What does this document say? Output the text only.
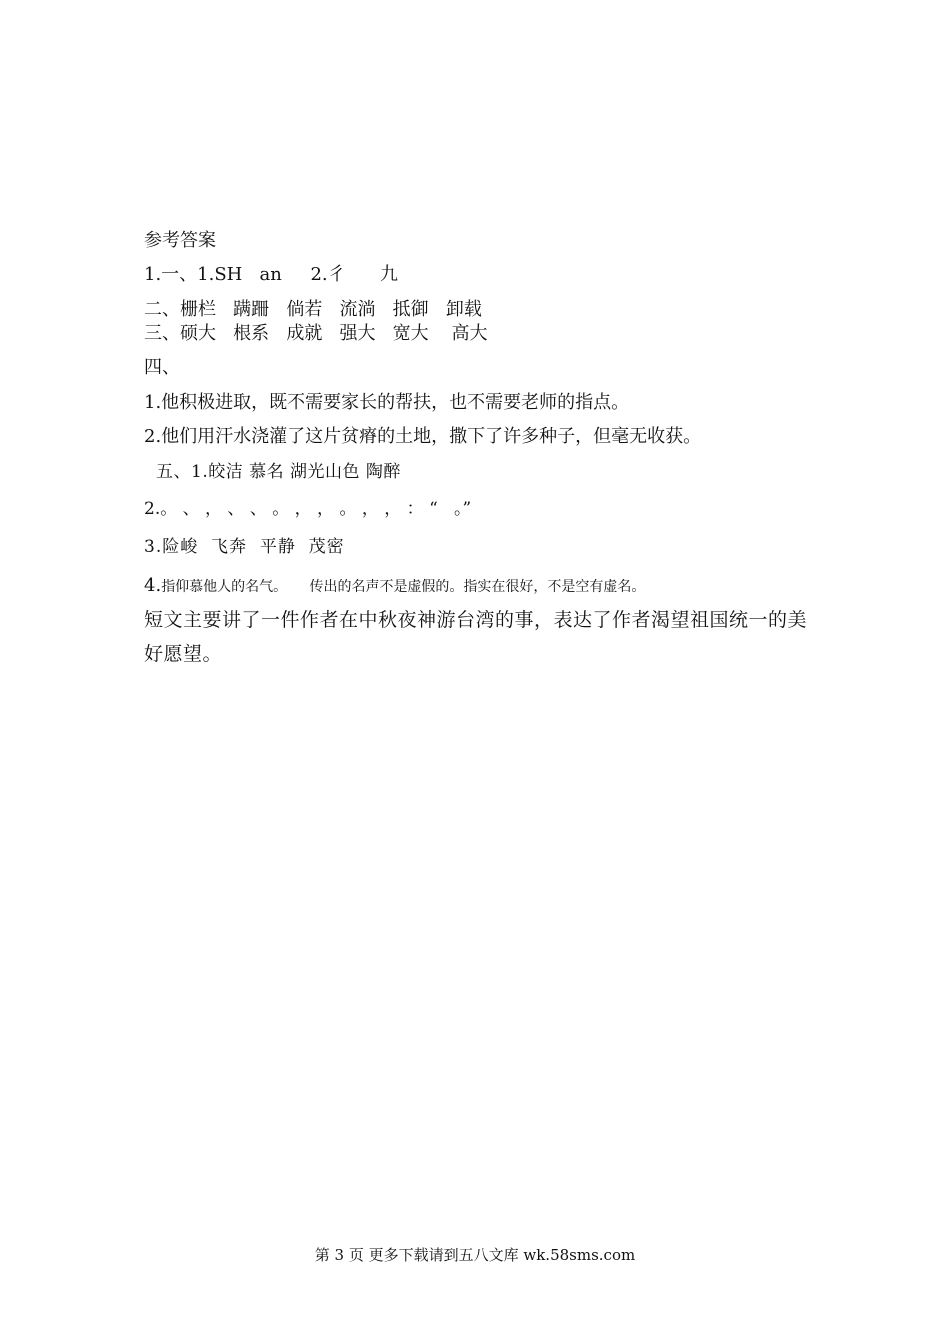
参考答案
1.一、1.SH   an     2.彳      九
二、栅栏   蹒跚   倘若   流淌   抵御   卸载
三、硕大   根系   成就   强大   宽大    高大
四、
1.他积极进取，既不需要家长的帮扶，也不需要老师的指点。
2.他们用汗水浇灌了这片贫瘠的土地，撒下了许多种子，但毫无收获。
五、1.皎洁 慕名 湖光山色 陶醉
2.。 、 ， 、 、 。 ， ， 。 ， ， ： “   。”
3.险峻  飞奔  平静  茂密
4.指仰慕他人的名气。     传出的名声不是虚假的。指实在很好，不是空有虚名。
短文主要讲了一件作者在中秋夜神游台湾的事，表达了作者渴望祖国统一的美好愿望。
第 3 页 更多下载请到五八文库 wk.58sms.com
